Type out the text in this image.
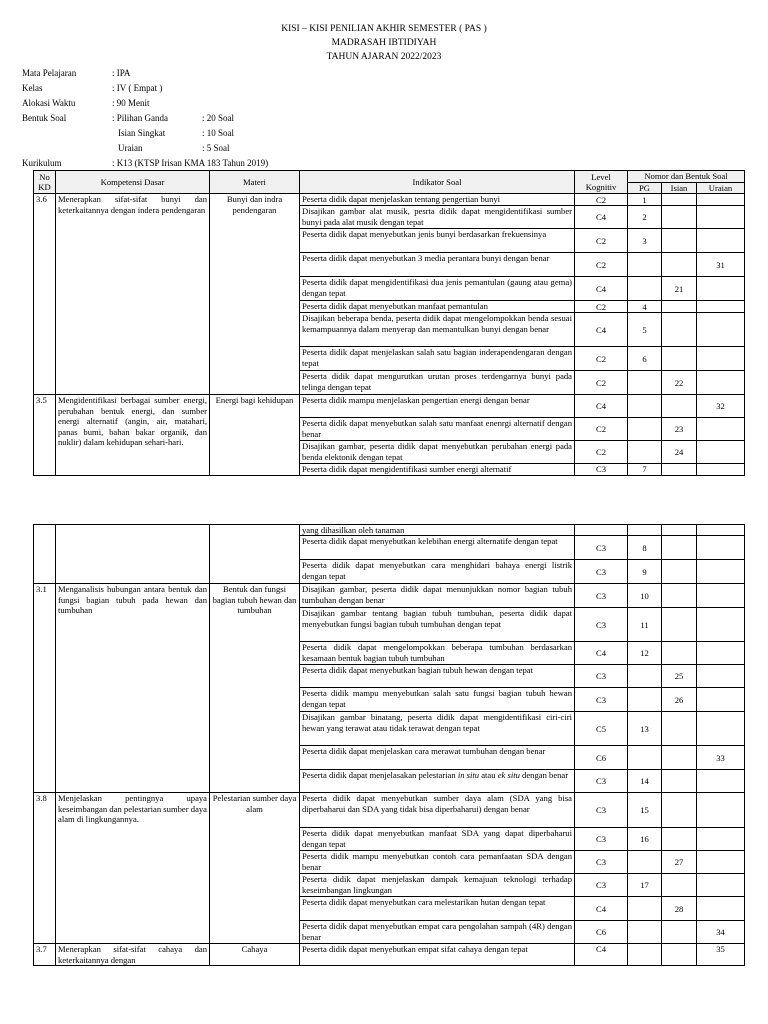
KISI – KISI PENILIAN AKHIR SEMESTER ( PAS )
MADRASAH IBTIDIYAH
TAHUN AJARAN 2022/2023
Mata Pelajaran	: IPA
Kelas	: IV ( Empat )
Alokasi Waktu	: 90 Menit
Bentuk Soal	: Pilihan Ganda	: 20 Soal
Isian Singkat	: 10 Soal
Uraian	: 5 Soal
Kurikulum	: K13 (KTSP Irisan KMA 183 Tahun 2019)
No KD	Kompetensi Dasar	Materi	Indikator Soal	Level Kognitiv	Nomor dan Bentuk Soal		
					PG	Isian	Uraian
3.6	Menerapkan sifat-sifat bunyi dan keterkaitannya dengan indera pendengaran	Bunyi dan indra pendengaran	Peserta didik dapat menjelaskan tentang pengertian bunyi	C2	1		
			Disajikan gambar alat musik, pesrta didik dapat mengidentifikasi sumber bunyi pada alat musik dengan tepat	C4	2		
			Peserta didik dapat menyebutkan jenis bunyi berdasarkan frekuensinya	C2	3		
			Peserta didik dapat menyebutkan 3 media perantara bunyi dengan benar	C2			31
			Peserta didik dapat mengidentifikasi dua jenis pemantulan (gaung atau gema) dengan tepat	C4		21	
			Peserta didik dapat menyebutkan manfaat pemantulan	C2	4		
			Disajikan beberapa benda, peserta didik dapat mengelompokkan benda sesuai kemampuannya dalam menyerap dan memantulkan bunyi dengan benar	C4	5		
			Peserta didik dapat menjelaskan salah satu bagian inderapendengaran dengan tepat	C2	6		
			Peserta didik dapat mengurutkan urutan proses terdengarnya bunyi pada telinga dengan tepat	C2		22	
3.5	Mengidentifikasi berbagai sumber energi, perubahan bentuk energi, dan sumber energi alternatif (angin, air, matahari, panas bumi, bahan bakar organik, dan nuklir) dalam kehidupan sehari-hari.	Energi bagi kehidupan	Peserta didik mampu menjelaskan pengertian energi dengan benar	C4			32
			Peserta didik dapat menyebutkan salah satu manfaat enenrgi alternatif dengan benar	C2		23	
			Disajikan gambar, peserta didik dapat menyebutkan perubahan energi pada benda elektonik dengan tepat	C2		24	
			Peserta didik dapat mengidentifikasi sumber energi alternatif	C3	7		
			yang dihasilkan oleh tanaman				
			Peserta didik dapat menyebutkan kelebihan energi alternatife dengan tepat	C3	8		
			Peserta didik dapat menyebutkan cara menghidari bahaya energi listrik dengan tepat	C3	9		
3.1	Menganalisis hubungan antara bentuk dan fungsi bagian tubuh pada hewan dan tumbuhan	Bentuk dan fungsi bagian tubuh hewan dan tumbuhan	Disajikan gambar, peserta didik dapat menunjukkan nomor bagian tubuh tumbuhan dengan benar	C3	10		
			Disajikan gambar tentang bagian tubuh tumbuhan, peserta didik dapat menyebutkan fungsi bagian tubuh tumbuhan dengan tepat	C3	11		
			Peserta didik dapat mengelompokkan beberapa tumbuhan berdasarkan kesamaan bentuk bagian tubuh tumbuhan	C4	12		
			Peserta didik dapat menyebutkan bagian tubuh hewan dengan tepat	C3		25	
			Peserta didik mampu menyebutkan salah satu fungsi bagian tubuh hewan dengan tepat	C3		26	
			Disajikan gambar binatang, peserta didik dapat mengidentifikasi ciri-ciri hewan yang terawat atau tidak terawat dengan tepat	C5	13		
			Peserta didik dapat menjelaskan cara merawat tumbuhan dengan benar	C6			33
			Peserta didik dapat menjelasakan pelestarian in situ atau ek situ dengan benar	C3	14		
3.8	Menjelaskan pentingnya upaya keseimbangan dan pelestarian sumber daya alam di lingkungannya.	Pelestarian sumber daya alam	Peserta didik dapat menyebutkan sumber daya alam (SDA yang bisa diperbaharui dan SDA yang tidak bisa diperbaharui) dengan benar	C3	15		
			Peserta didik dapat menyebutkan manfaat SDA yang dapat diperbaharui dengan tepat	C3	16		
			Peserta didik mampu menyebutkan contoh cara pemanfaatan SDA dengan benar	C3		27	
			Peserta didik dapat menjelaskan dampak kemajuan teknologi terhadap keseimbangan lingkungan	C3	17		
			Peserta didik dapat menyebutkan cara melestarikan hutan dengan tepat	C4		28	
			Peserta didik dapat menyebutkan empat cara pengolahan sampah (4R) dengan benar	C6			34
3.7	Menerapkan sifat-sifat cahaya dan keterkaitannya dengan	Cahaya	Peserta didik dapat menyebutkan empat sifat cahaya dengan tepat	C4			35
